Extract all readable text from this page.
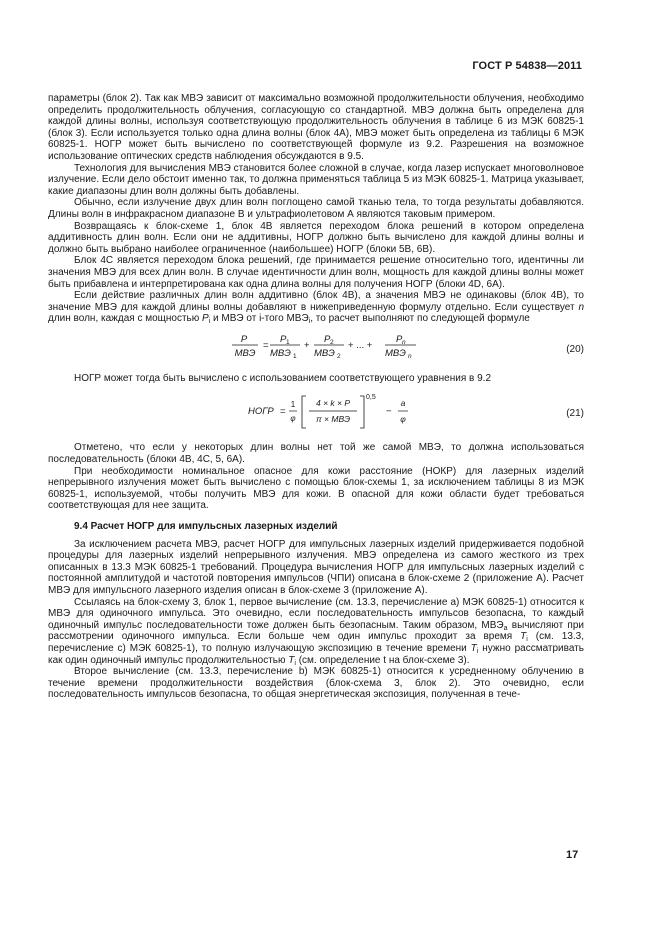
ГОСТ Р 54838—2011

параметры (блок 2). Так как МВЭ зависит от максимально возможной продолжительности облучения, необходимо определить продолжительность облучения, согласующую со стандартной. МВЭ должна быть определена для каждой длины волны, используя соответствующую продолжительность облучения в таблице 6 из МЭК 60825-1 (блок 3). Если используется только одна длина волны (блок 4А), МВЭ может быть определена из таблицы 6 МЭК 60825-1. НОГР может быть вычислено по соответствующей формуле из 9.2. Разрешения на возможное использование оптических средств наблюдения обсуждаются в 9.5.

Технология для вычисления МВЭ становится более сложной в случае, когда лазер испускает многоволновое излучение. Если дело обстоит именно так, то должна применяться таблица 5 из МЭК 60825-1. Матрица указывает, какие диапазоны длин волн должны быть добавлены.

Обычно, если излучение двух длин волн поглощено самой тканью тела, то тогда результаты добавляются. Длины волн в инфракрасном диапазоне В и ультрафиолетовом А являются таковым примером.

Возвращаясь к блок-схеме 1, блок 4В является переходом блока решений в котором определена аддитивность длин волн. Если они не аддитивны, НОГР должно быть вычислено для каждой длины волны и должно быть выбрано наиболее ограниченное (наибольшее) НОГР (блоки 5В, 6В).

Блок 4С является переходом блока решений, где принимается решение относительно того, идентичны ли значения МВЭ для всех длин волн. В случае идентичности длин волн, мощность для каждой длины волны может быть прибавлена и интерпретирована как одна длина волны для получения НОГР (блоки 4D, 6А).

Если действие различных длин волн аддитивно (блок 4В), а значения МВЭ не одинаковы (блок 4В), то значение МВЭ для каждой длины волны добавляют в нижеприведенную формулу отдельно. Если существует n длин волн, каждая с мощностью $P_i$ и МВЭ от i-того $МВЭ_i$, то расчет выполняют по следующей формуле

P
МВЭ
=
P 1
МВЭ 1
+
P 2
МВЭ 2
+ ... +
P n
МВЭ n
(20)

НОГР может тогда быть вычислено с использованием соответствующего уравнения в 9.2

НОГР =
1
φ
4 × k × P
π × МВЭ
0,5
−
a
φ	(21)

Отметено, что если у некоторых длин волны нет той же самой МВЭ, то должна использоваться последовательность (блоки 4В, 4С, 5, 6А).

При необходимости номинальное опасное для кожи расстояние (НОКР) для лазерных изделий непрерывного излучения может быть вычислено с помощью блок-схемы 1, за исключением таблицы 8 из МЭК 60825-1, используемой, чтобы получить МВЭ для кожи. В опасной для кожи области будет требоваться соответствующая для нее защита.

9.4 Расчет НОГР для импульсных лазерных изделий

За исключением расчета МВЭ, расчет НОГР для импульсных лазерных изделий придерживается подобной процедуры для лазерных изделий непрерывного излучения. МВЭ определена из самого жесткого из трех описанных в 13.3 МЭК 60825-1 требований. Процедура вычисления НОГР для импульсных лазерных изделий с постоянной амплитудой и частотой повторения импульсов (ЧПИ) описана в блок-схеме 2 (приложение А). Расчет МВЭ для импульсного лазерного изделия описан в блок-схеме 3 (приложение А).

Ссылаясь на блок-схему 3, блок 1, первое вычисление (см. 13.3, перечисление а) МЭК 60825-1) относится к МВЭ для одиночного импульса. Это очевидно, если последовательность импульсов безопасна, то каждый одиночный импульс последовательности тоже должен быть безопасным. Таким образом, $МВЭ_a$ вычисляют при рассмотрении одиночного импульса. Если больше чем один импульс проходит за время $T_i$ (см. 13.3, перечисление с) МЭК 60825-1), то полную излучающую экспозицию в течение времени $T_i$ нужно рассматривать как один одиночный импульс продолжительностью $T_i$ (см. определение t на блок-схеме 3).

Второе вычисление (см. 13.3, перечисление b) МЭК 60825-1) относится к усредненному облучению в течение времени продолжительности воздействия (блок-схема 3, блок 2). Это очевидно, если последовательность импульсов безопасна, то общая энергетическая экспозиция, полученная в тече-

17
